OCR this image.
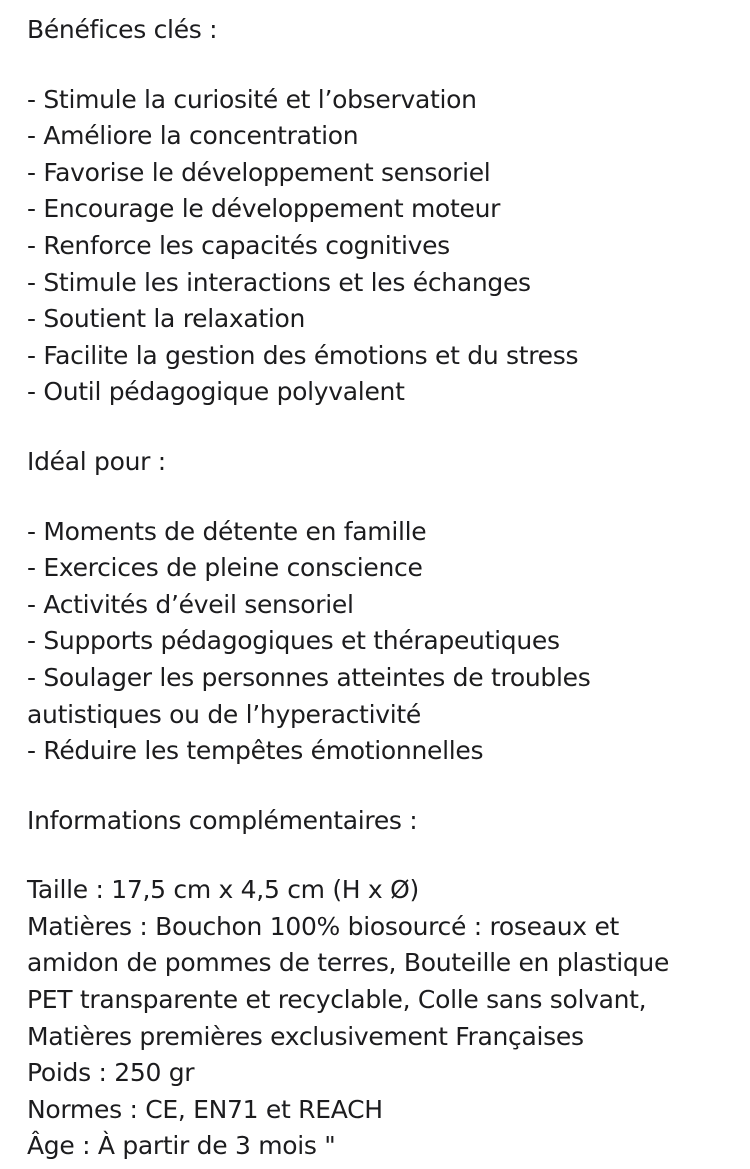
Bénéfices clés :
- Stimule la curiosité et l’observation
- Améliore la concentration
- Favorise le développement sensoriel
- Encourage le développement moteur
- Renforce les capacités cognitives
- Stimule les interactions et les échanges
- Soutient la relaxation
- Facilite la gestion des émotions et du stress
- Outil pédagogique polyvalent
Idéal pour :
- Moments de détente en famille
- Exercices de pleine conscience
- Activités d’éveil sensoriel
- Supports pédagogiques et thérapeutiques
- Soulager les personnes atteintes de troubles
autistiques ou de l’hyperactivité
- Réduire les tempêtes émotionnelles
Informations complémentaires :
Taille : 17,5 cm x 4,5 cm (H x Ø)
Matières : Bouchon 100% biosourcé : roseaux et
amidon de pommes de terres, Bouteille en plastique
PET transparente et recyclable, Colle sans solvant,
Matières premières exclusivement Françaises
Poids : 250 gr
Normes : CE, EN71 et REACH
Âge : À partir de 3 mois "
